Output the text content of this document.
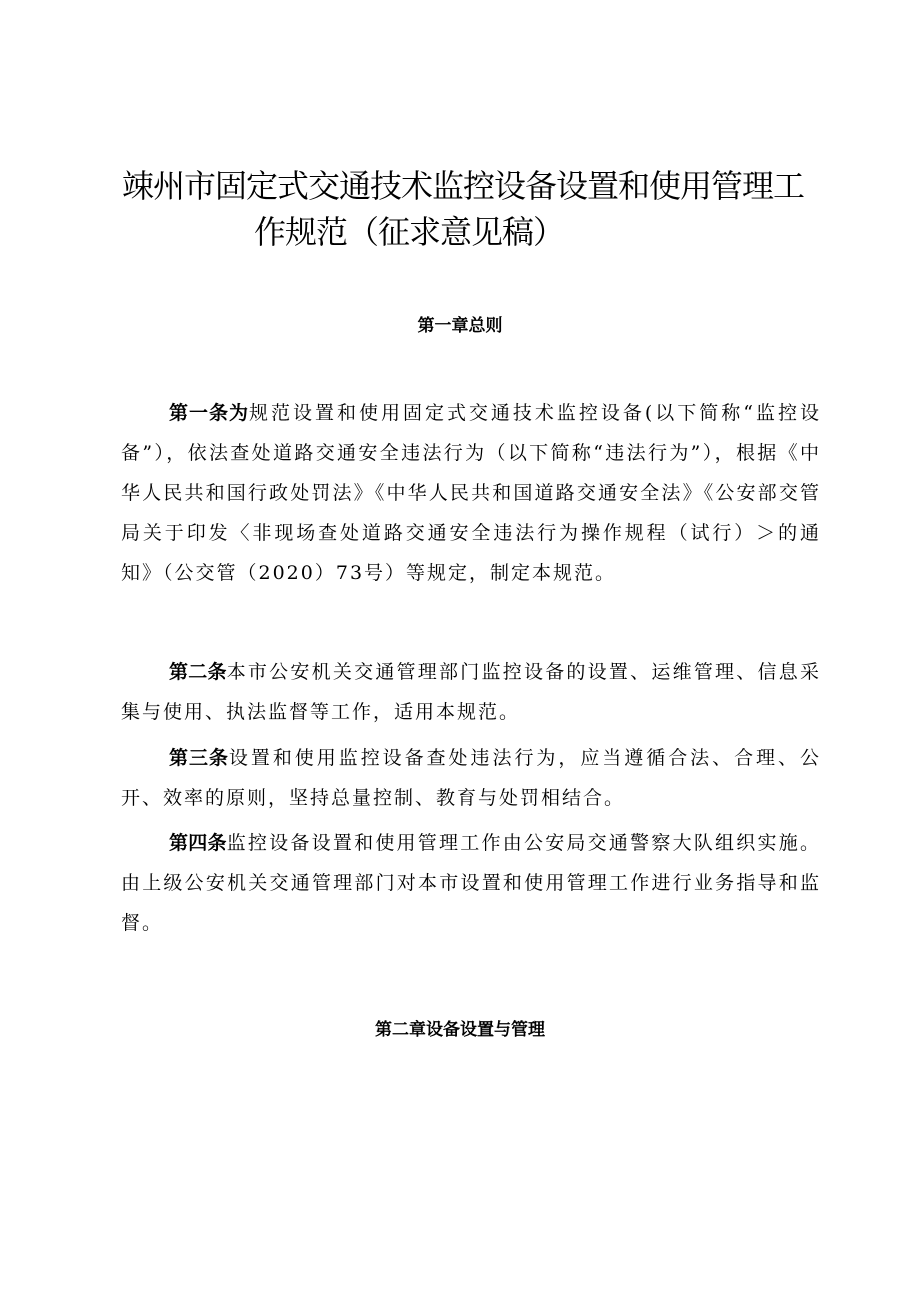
竦州市固定式交通技术监控设备设置和使用管理工
作规范（征求意见稿）
第一章总则

第一条为规范设置和使用固定式交通技术监控设备(以下简称“监控设备”），依法查处道路交通安全违法行为（以下简称“违法行为”），根据《中华人民共和国行政处罚法》《中华人民共和国道路交通安全法》《公安部交管局关于印发〈非现场查处道路交通安全违法行为操作规程（试行）＞的通知》（公交管（2020）73号）等规定，制定本规范。

第二条本市公安机关交通管理部门监控设备的设置、运维管理、信息采集与使用、执法监督等工作，适用本规范。

第三条设置和使用监控设备查处违法行为，应当遵循合法、合理、公开、效率的原则，坚持总量控制、教育与处罚相结合。

第四条监控设备设置和使用管理工作由公安局交通警察大队组织实施。由上级公安机关交通管理部门对本市设置和使用管理工作进行业务指导和监督。

第二章设备设置与管理
